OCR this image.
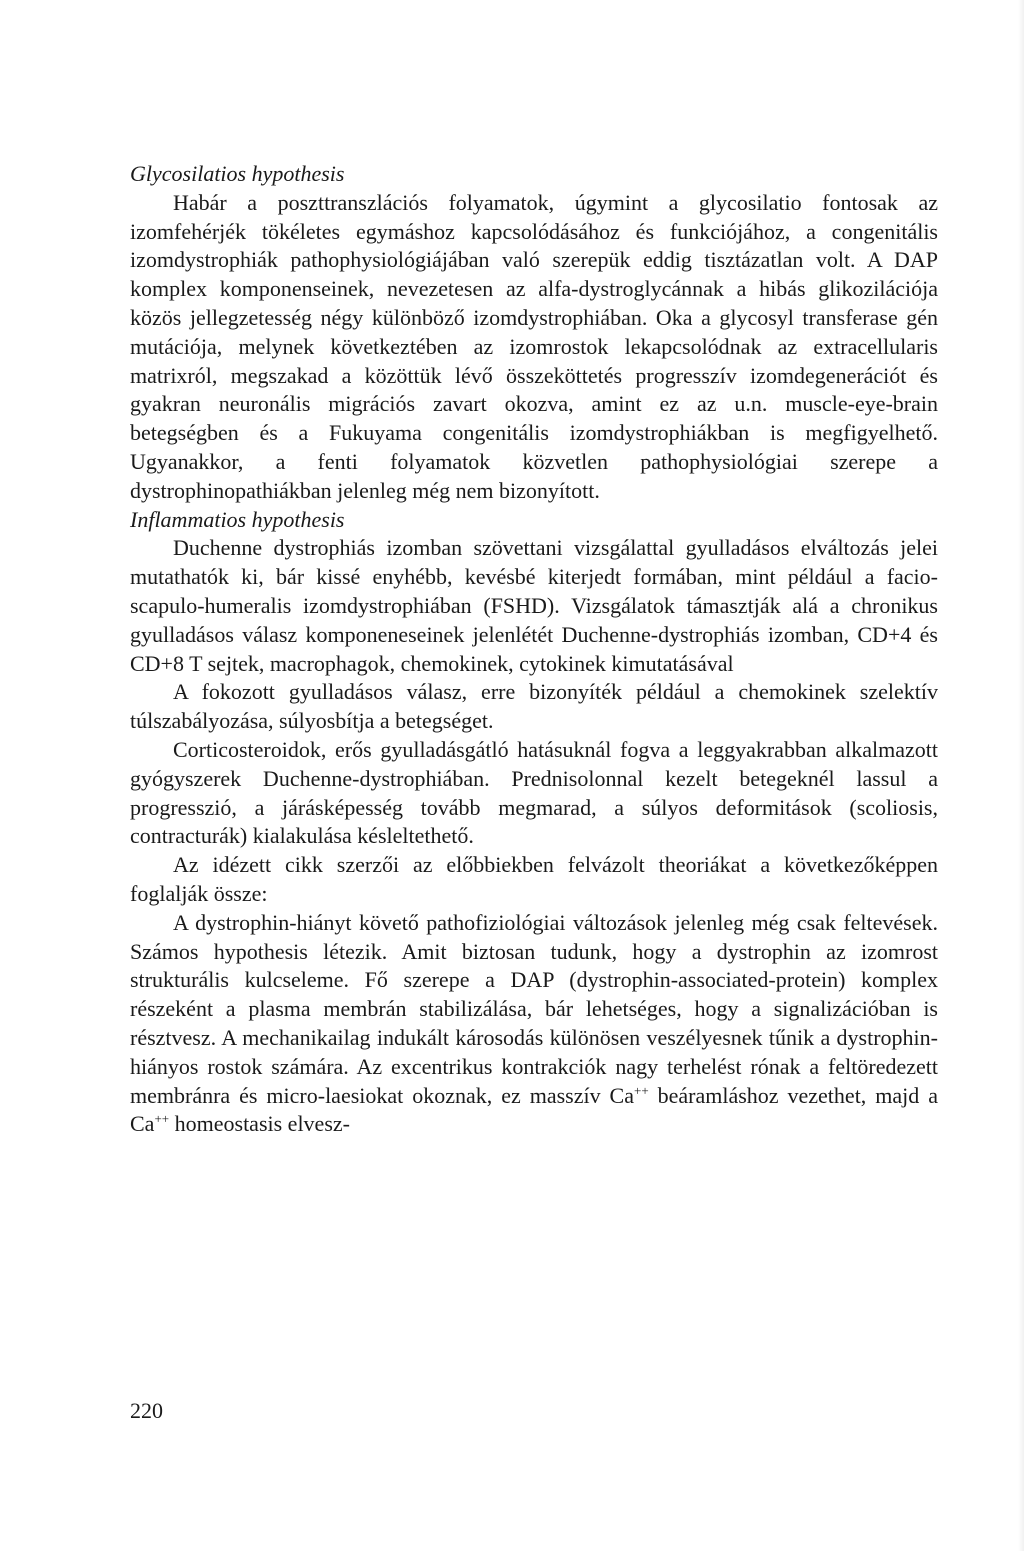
Glycosilatios hypothesis

Habár a poszttranszlációs folyamatok, úgymint a glycosilatio fontosak az izomfehérjék tökéletes egymáshoz kapcsolódásához és funkciójához, a congenitális izomdystrophiák pathophysiológiájában való szerepük eddig tisztázatlan volt. A DAP komplex komponenseinek, nevezetesen az alfa-dystroglycánnak a hibás glikozilációja közös jellegzetesség négy különböző izomdystrophiában. Oka a glycosyl transferase gén mutációja, melynek következtében az izomrostok lekapcsolódnak az extracellularis matrixról, megszakad a közöttük lévő összeköttetés progresszív izomdegenerációt és gyakran neuronális migrációs zavart okozva, amint ez az u.n. muscle-eye-brain betegségben és a Fukuyama congenitális izomdystrophiákban is megfigyelhető. Ugyanakkor, a fenti folyamatok közvetlen pathophysiológiai szerepe a dystrophinopathiákban jelenleg még nem bizonyított.

Inflammatios hypothesis

Duchenne dystrophiás izomban szövettani vizsgálattal gyulladásos elváltozás jelei mutathatók ki, bár kissé enyhébb, kevésbé kiterjedt formában, mint például a facio-scapulo-humeralis izomdystrophiában (FSHD). Vizsgálatok támasztják alá a chronikus gyulladásos válasz komponeneseinek jelenlétét Duchenne-dystrophiás izomban, CD+4 és CD+8 T sejtek, macrophagok, chemokinek, cytokinek kimutatásával

A fokozott gyulladásos válasz, erre bizonyíték például a chemokinek szelektív túlszabályozása, súlyosbítja a betegséget.

Corticosteroidok, erős gyulladásgátló hatásuknál fogva a leggyakrabban alkalmazott gyógyszerek Duchenne-dystrophiában. Prednisolonnal kezelt betegeknél lassul a progresszió, a járásképesség tovább megmarad, a súlyos deformitások (scoliosis, contracturák) kialakulása késleltethető.

Az idézett cikk szerzői az előbbiekben felvázolt theoriákat a következőképpen foglalják össze:

A dystrophin-hiányt követő pathofiziológiai változások jelenleg még csak feltevések. Számos hypothesis létezik. Amit biztosan tudunk, hogy a dystrophin az izomrost strukturális kulcseleme. Fő szerepe a DAP (dystrophin-associated-protein) komplex részeként a plasma membrán stabilizálása, bár lehetséges, hogy a signalizációban is résztvesz. A mechanikailag indukált károsodás különösen veszélyesnek tűnik a dystrophin-hiányos rostok számára. Az excentrikus kontrakciók nagy terhelést rónak a feltöredezett membránra és micro-laesiokat okoznak, ez masszív Ca++ beáramláshoz vezethet, majd a Ca++ homeostasis elvesz-

220
